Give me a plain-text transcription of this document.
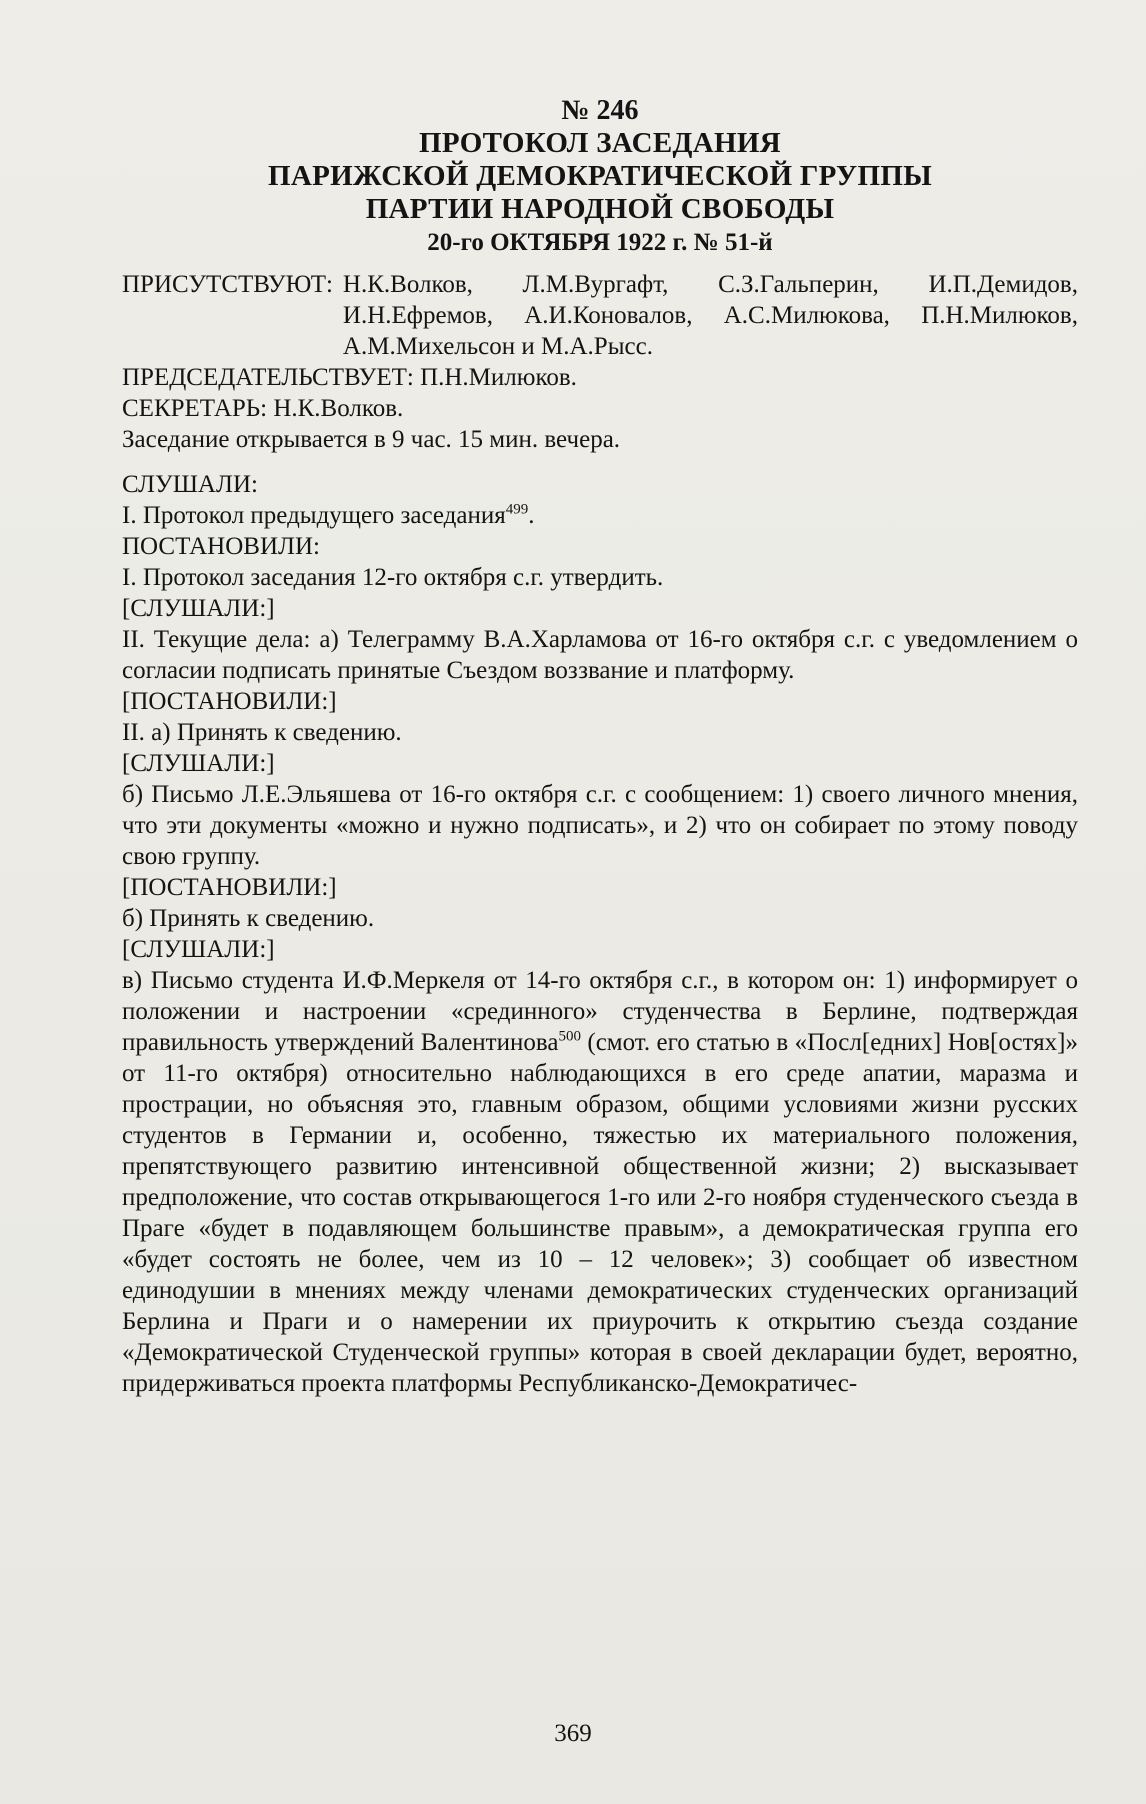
№ 246
ПРОТОКОЛ ЗАСЕДАНИЯ
ПАРИЖСКОЙ ДЕМОКРАТИЧЕСКОЙ ГРУППЫ
ПАРТИИ НАРОДНОЙ СВОБОДЫ
20-го ОКТЯБРЯ 1922 г. № 51-й
ПРИСУТСТВУЮТ: Н.К.Волков, Л.М.Вургафт, С.З.Гальперин, И.П.Демидов, И.Н.Ефремов, А.И.Коновалов, А.С.Милюкова, П.Н.Милюков, А.М.Михельсон и М.А.Рысс.
ПРЕДСЕДАТЕЛЬСТВУЕТ: П.Н.Милюков.
СЕКРЕТАРЬ: Н.К.Волков.
Заседание открывается в 9 час. 15 мин. вечера.
СЛУШАЛИ:
I. Протокол предыдущего заседания$^{499}$.
ПОСТАНОВИЛИ:
I. Протокол заседания 12-го октября с.г. утвердить.
[СЛУШАЛИ:]
II. Текущие дела: а) Телеграмму В.А.Харламова от 16-го октября с.г. с уведомлением о согласии подписать принятые Съездом воззвание и платформу.
[ПОСТАНОВИЛИ:]
II. а) Принять к сведению.
[СЛУШАЛИ:]
б) Письмо Л.Е.Эльяшева от 16-го октября с.г. с сообщением: 1) своего личного мнения, что эти документы «можно и нужно подписать», и 2) что он собирает по этому поводу свою группу.
[ПОСТАНОВИЛИ:]
б) Принять к сведению.
[СЛУШАЛИ:]
в) Письмо студента И.Ф.Меркеля от 14-го октября с.г., в котором он: 1) информирует о положении и настроении «срединного» студенчества в Берлине, подтверждая правильность утверждений Валентинова$^{500}$ (смот. его статью в «Посл[едних] Нов[остях]» от 11-го октября) относительно наблюдающихся в его среде апатии, маразма и прострации, но объясняя это, главным образом, общими условиями жизни русских студентов в Германии и, особенно, тяжестью их материального положения, препятствующего развитию интенсивной общественной жизни; 2) высказывает предположение, что состав открывающегося 1-го или 2-го ноября студенческого съезда в Праге «будет в подавляющем большинстве правым», а демократическая группа его «будет состоять не более, чем из 10 – 12 человек»; 3) сообщает об известном единодушии в мнениях между членами демократических студенческих организаций Берлина и Праги и о намерении их приурочить к открытию съезда создание «Демократической Студенческой группы» которая в своей декларации будет, вероятно, придерживаться проекта платформы Республиканско-Демократичес-
369
